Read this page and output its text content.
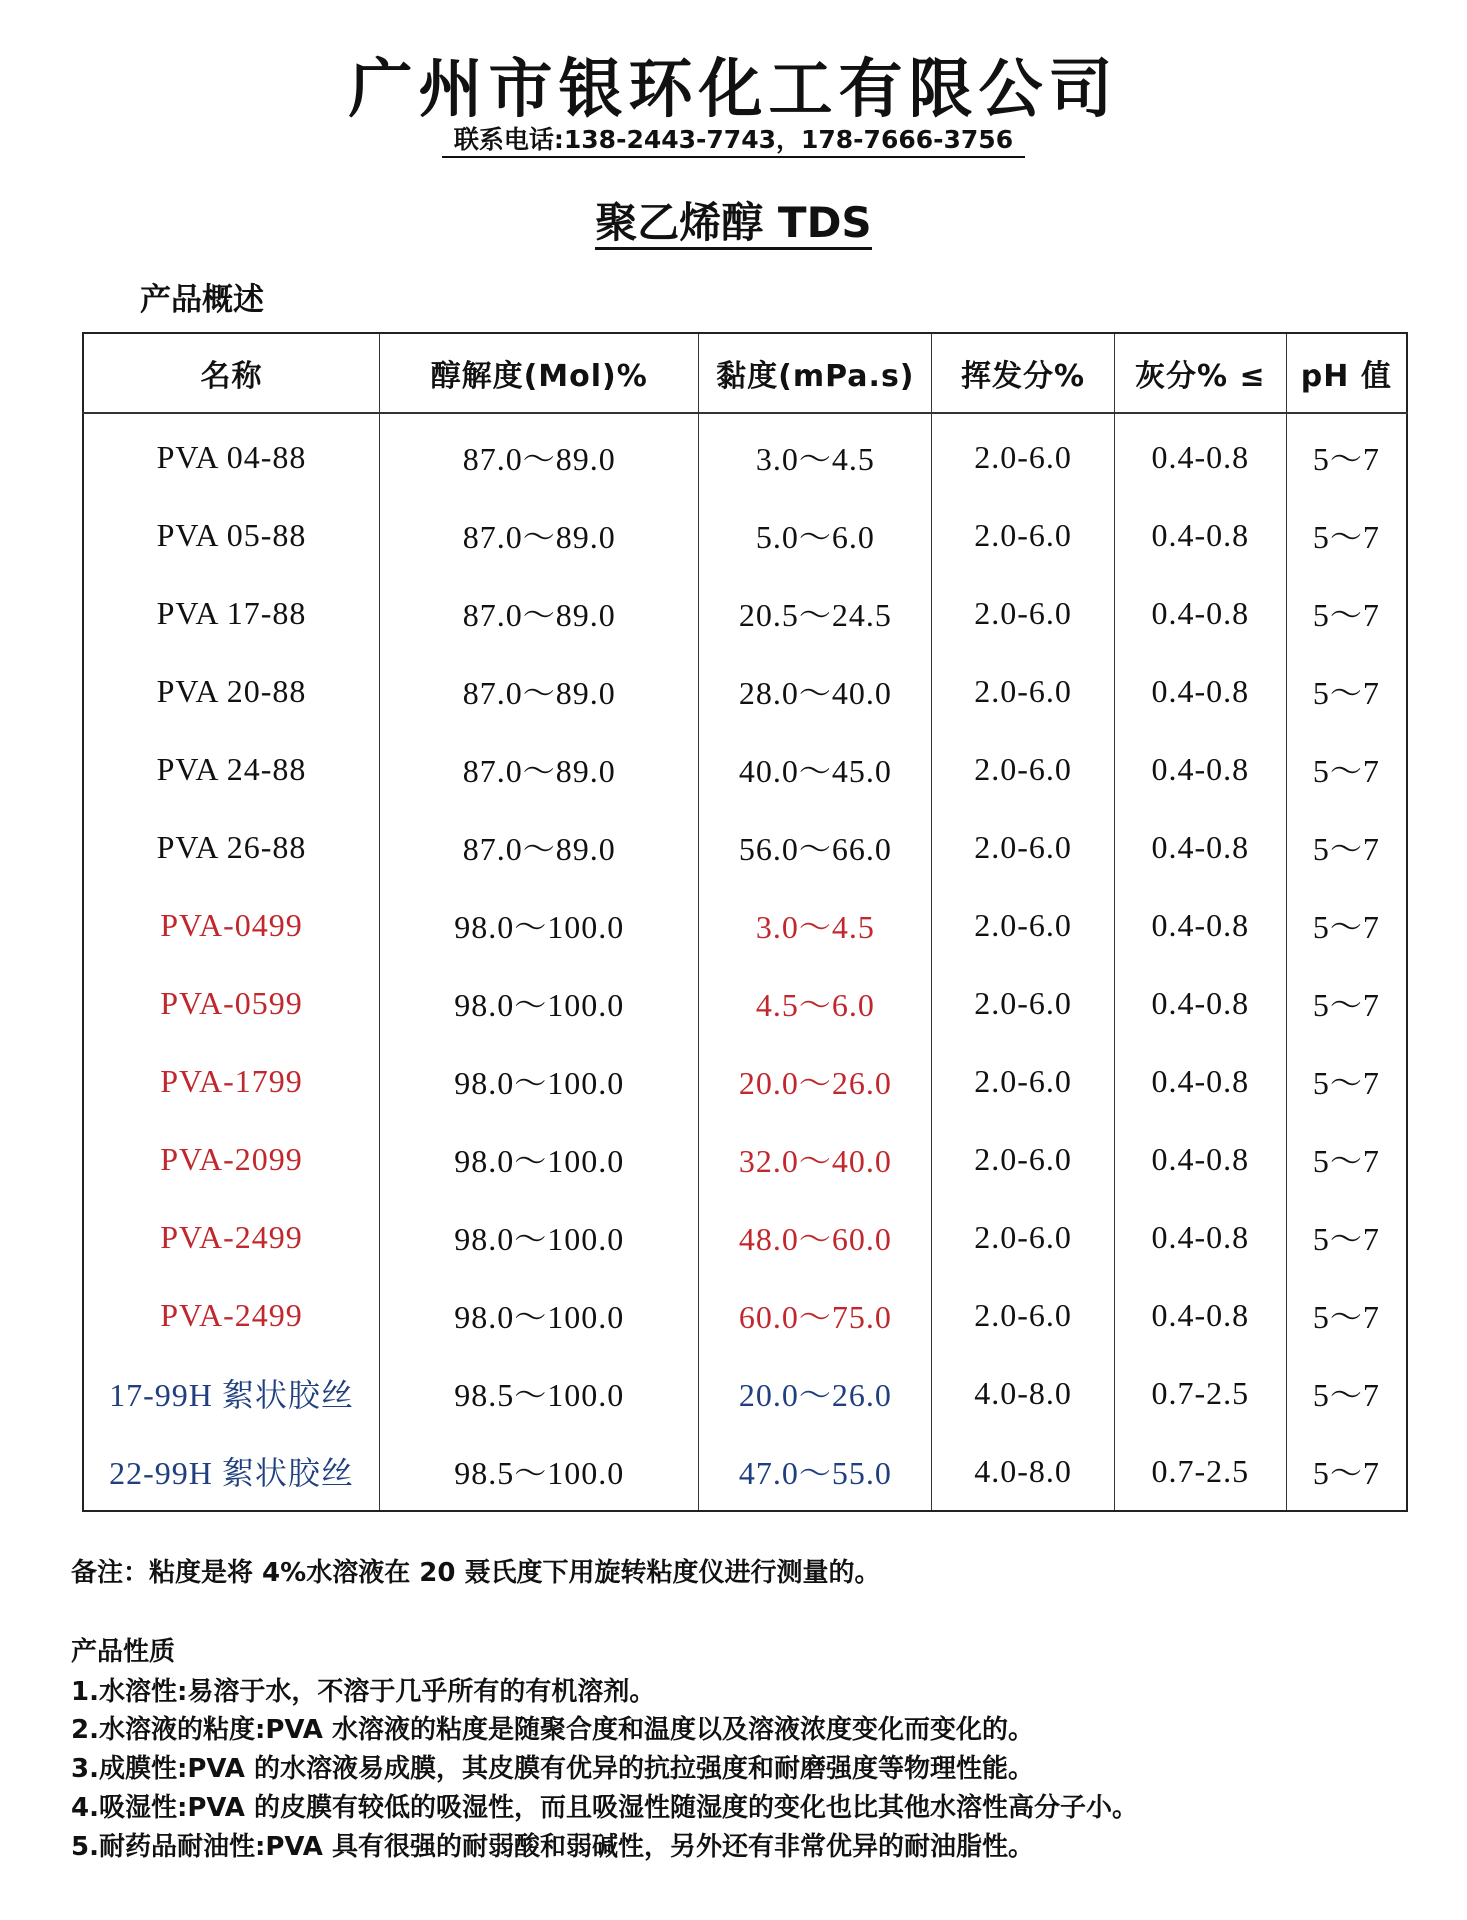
广州市银环化工有限公司
联系电话:138-2443-7743，178-7666-3756
聚乙烯醇 TDS
产品概述
名称	醇解度(Mol)%	黏度(mPa.s)	挥发分%	灰分% ≤	pH 值
PVA 04-88	87.0～89.0	3.0～4.5	2.0-6.0	0.4-0.8	5～7
PVA 05-88	87.0～89.0	5.0～6.0	2.0-6.0	0.4-0.8	5～7
PVA 17-88	87.0～89.0	20.5～24.5	2.0-6.0	0.4-0.8	5～7
PVA 20-88	87.0～89.0	28.0～40.0	2.0-6.0	0.4-0.8	5～7
PVA 24-88	87.0～89.0	40.0～45.0	2.0-6.0	0.4-0.8	5～7
PVA 26-88	87.0～89.0	56.0～66.0	2.0-6.0	0.4-0.8	5～7
PVA-0499	98.0～100.0	3.0～4.5	2.0-6.0	0.4-0.8	5～7
PVA-0599	98.0～100.0	4.5～6.0	2.0-6.0	0.4-0.8	5～7
PVA-1799	98.0～100.0	20.0～26.0	2.0-6.0	0.4-0.8	5～7
PVA-2099	98.0～100.0	32.0～40.0	2.0-6.0	0.4-0.8	5～7
PVA-2499	98.0～100.0	48.0～60.0	2.0-6.0	0.4-0.8	5～7
PVA-2499	98.0～100.0	60.0～75.0	2.0-6.0	0.4-0.8	5～7
17-99H 絮状胶丝	98.5～100.0	20.0～26.0	4.0-8.0	0.7-2.5	5～7
22-99H 絮状胶丝	98.5～100.0	47.0～55.0	4.0-8.0	0.7-2.5	5～7
备注：粘度是将 4%水溶液在 20 聂氏度下用旋转粘度仪进行测量的。
产品性质
1.水溶性:易溶于水，不溶于几乎所有的有机溶剂。
2.水溶液的粘度:PVA 水溶液的粘度是随聚合度和温度以及溶液浓度变化而变化的。
3.成膜性:PVA 的水溶液易成膜，其皮膜有优异的抗拉强度和耐磨强度等物理性能。
4.吸湿性:PVA 的皮膜有较低的吸湿性，而且吸湿性随湿度的变化也比其他水溶性高分子小。
5.耐药品耐油性:PVA 具有很强的耐弱酸和弱碱性，另外还有非常优异的耐油脂性。
